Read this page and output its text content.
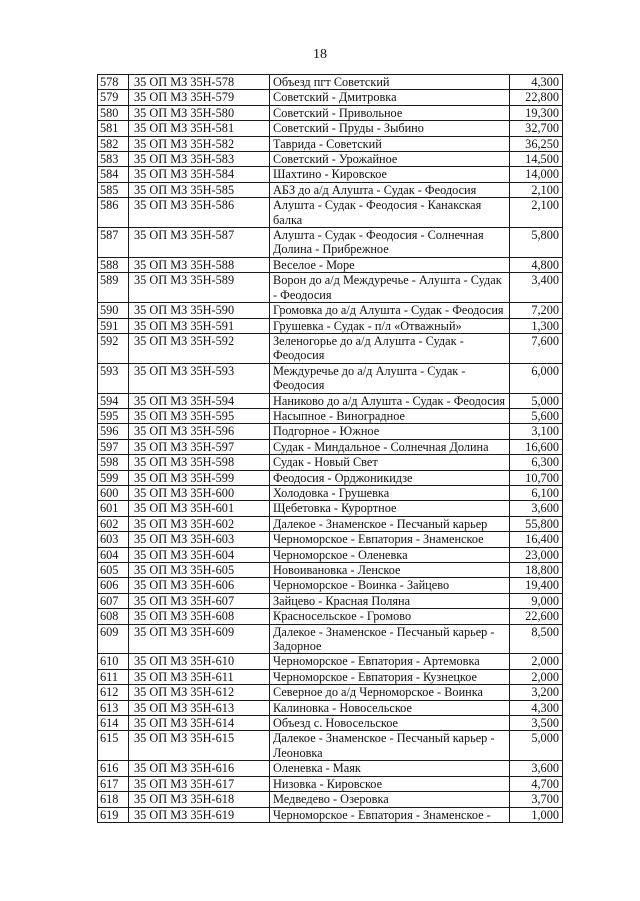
18
578	35 ОП МЗ 35Н-578	Объезд пгт Советский	4,300
579	35 ОП МЗ 35Н-579	Советский - Дмитровка	22,800
580	35 ОП МЗ 35Н-580	Советский - Привольное	19,300
581	35 ОП МЗ 35Н-581	Советский - Пруды - Зыбино	32,700
582	35 ОП МЗ 35Н-582	Таврида - Советский	36,250
583	35 ОП МЗ 35Н-583	Советский - Урожайное	14,500
584	35 ОП МЗ 35Н-584	Шахтино - Кировское	14,000
585	35 ОП МЗ 35Н-585	АБЗ до а/д Алушта - Судак - Феодосия	2,100
586	35 ОП МЗ 35Н-586	Алушта - Судак - Феодосия - Канакская балка	2,100
587	35 ОП МЗ 35Н-587	Алушта - Судак - Феодосия - Солнечная Долина - Прибрежное	5,800
588	35 ОП МЗ 35Н-588	Веселое - Море	4,800
589	35 ОП МЗ 35Н-589	Ворон до а/д Междуречье - Алушта - Судак - Феодосия	3,400
590	35 ОП МЗ 35Н-590	Громовка до а/д Алушта - Судак - Феодосия	7,200
591	35 ОП МЗ 35Н-591	Грушевка - Судак - п/л «Отважный»	1,300
592	35 ОП МЗ 35Н-592	Зеленогорье до а/д Алушта - Судак - Феодосия	7,600
593	35 ОП МЗ 35Н-593	Междуречье до а/д Алушта - Судак - Феодосия	6,000
594	35 ОП МЗ 35Н-594	Наниково до а/д Алушта - Судак - Феодосия	5,000
595	35 ОП МЗ 35Н-595	Насыпное - Виноградное	5,600
596	35 ОП МЗ 35Н-596	Подгорное - Южное	3,100
597	35 ОП МЗ 35Н-597	Судак - Миндальное - Солнечная Долина	16,600
598	35 ОП МЗ 35Н-598	Судак - Новый Свет	6,300
599	35 ОП МЗ 35Н-599	Феодосия - Орджоникидзе	10,700
600	35 ОП МЗ 35Н-600	Холодовка - Грушевка	6,100
601	35 ОП МЗ 35Н-601	Щебетовка - Курортное	3,600
602	35 ОП МЗ 35Н-602	Далекое - Знаменское - Песчаный карьер	55,800
603	35 ОП МЗ 35Н-603	Черноморское - Евпатория - Знаменское	16,400
604	35 ОП МЗ 35Н-604	Черноморское - Оленевка	23,000
605	35 ОП МЗ 35Н-605	Новоивановка - Ленское	18,800
606	35 ОП МЗ 35Н-606	Черноморское - Воинка - Зайцево	19,400
607	35 ОП МЗ 35Н-607	Зайцево - Красная Поляна	9,000
608	35 ОП МЗ 35Н-608	Красносельское - Громово	22,600
609	35 ОП МЗ 35Н-609	Далекое - Знаменское - Песчаный карьер - Задорное	8,500
610	35 ОП МЗ 35Н-610	Черноморское - Евпатория - Артемовка	2,000
611	35 ОП МЗ 35Н-611	Черноморское - Евпатория - Кузнецкое	2,000
612	35 ОП МЗ 35Н-612	Северное до а/д Черноморское - Воинка	3,200
613	35 ОП МЗ 35Н-613	Калиновка - Новосельское	4,300
614	35 ОП МЗ 35Н-614	Объезд с. Новосельское	3,500
615	35 ОП МЗ 35Н-615	Далекое - Знаменское - Песчаный карьер - Леоновка	5,000
616	35 ОП МЗ 35Н-616	Оленевка - Маяк	3,600
617	35 ОП МЗ 35Н-617	Низовка - Кировское	4,700
618	35 ОП МЗ 35Н-618	Медведево - Озеровка	3,700
619	35 ОП МЗ 35Н-619	Черноморское - Евпатория - Знаменское -	1,000
